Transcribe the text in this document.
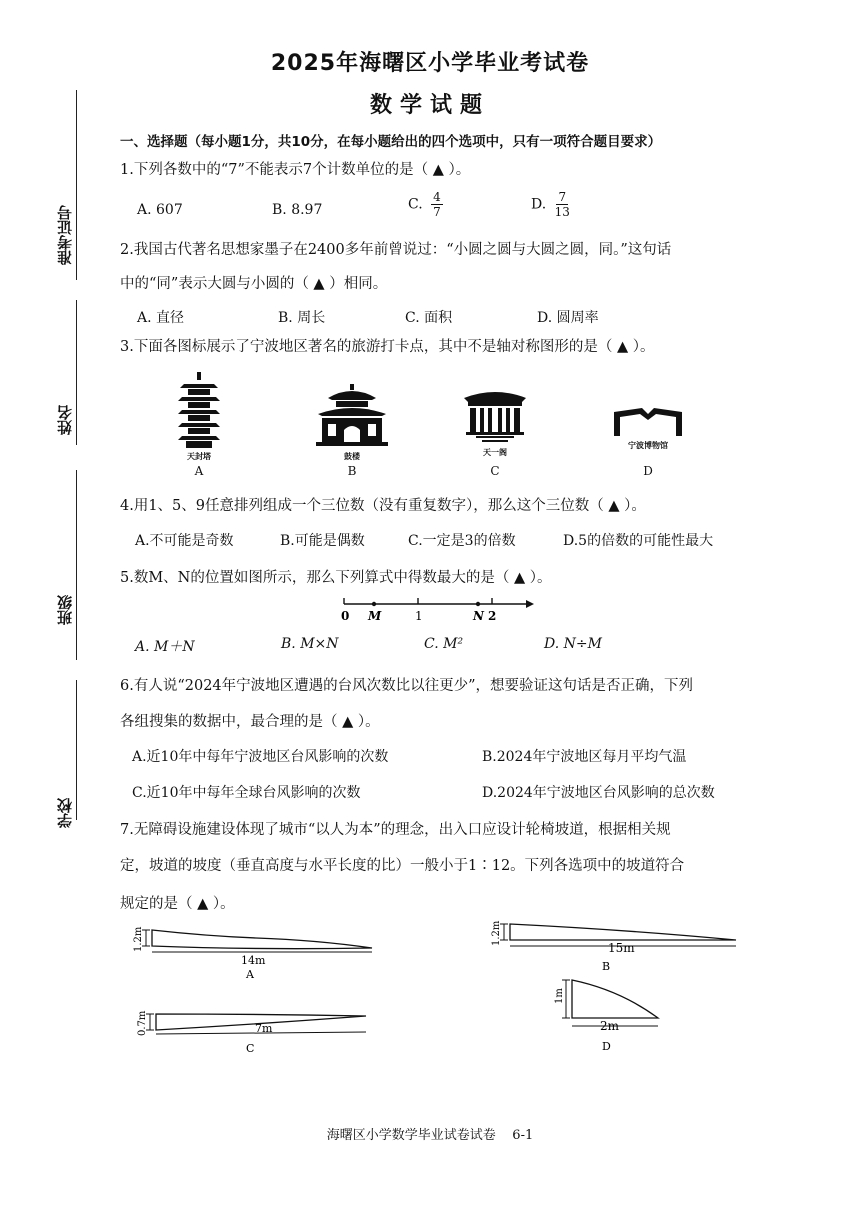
准考证号
姓名
班级
学校
2025年海曙区小学毕业考试卷
数学试题
一、选择题（每小题1分，共10分，在每小题给出的四个选项中，只有一项符合题目要求）
1.下列各数中的“7”不能表示7个计数单位的是（ ▲ ）。
A. 607	B. 8.97	C. $\frac{4}{7}$	D. $\frac{7}{13}$
2.我国古代著名思想家墨子在2400多年前曾说过：“小圆之圆与大圆之圆，同。”这句话
中的“同”表示大圆与小圆的（ ▲ ）相同。
A. 直径	B. 周长	C. 面积	D. 圆周率
3.下面各图标展示了宁波地区著名的旅游打卡点，其中不是轴对称图形的是（ ▲ ）。
天封塔
A
鼓楼
B
天一阁
C
宁波博物馆
D
4.用1、5、9任意排列组成一个三位数（没有重复数字），那么这个三位数（ ▲ ）。
A.不可能是奇数	B.可能是偶数	C.一定是3的倍数	D.5的倍数的可能性最大
5.数M、N的位置如图所示，那么下列算式中得数最大的是（ ▲ ）。
0 M	1	N 2
A. M＋N	B. M×N	C. M²	D. N÷M
6.有人说“2024年宁波地区遭遇的台风次数比以往更少”，想要验证这句话是否正确，下列
各组搜集的数据中，最合理的是（ ▲ ）。
A.近10年中每年宁波地区台风影响的次数	B.2024年宁波地区每月平均气温
C.近10年中每年全球台风影响的次数	D.2024年宁波地区台风影响的总次数
7.无障碍设施建设体现了城市“以人为本”的理念，出入口应设计轮椅坡道，根据相关规
定，坡道的坡度（垂直高度与水平长度的比）一般小于1∶12。下列各选项中的坡道符合
规定的是（ ▲ ）。
1.2m
14m
A
1.2m
15m
B
0.7m	7m
C
1m
2m
D
海曙区小学数学毕业试卷试卷    6-1
